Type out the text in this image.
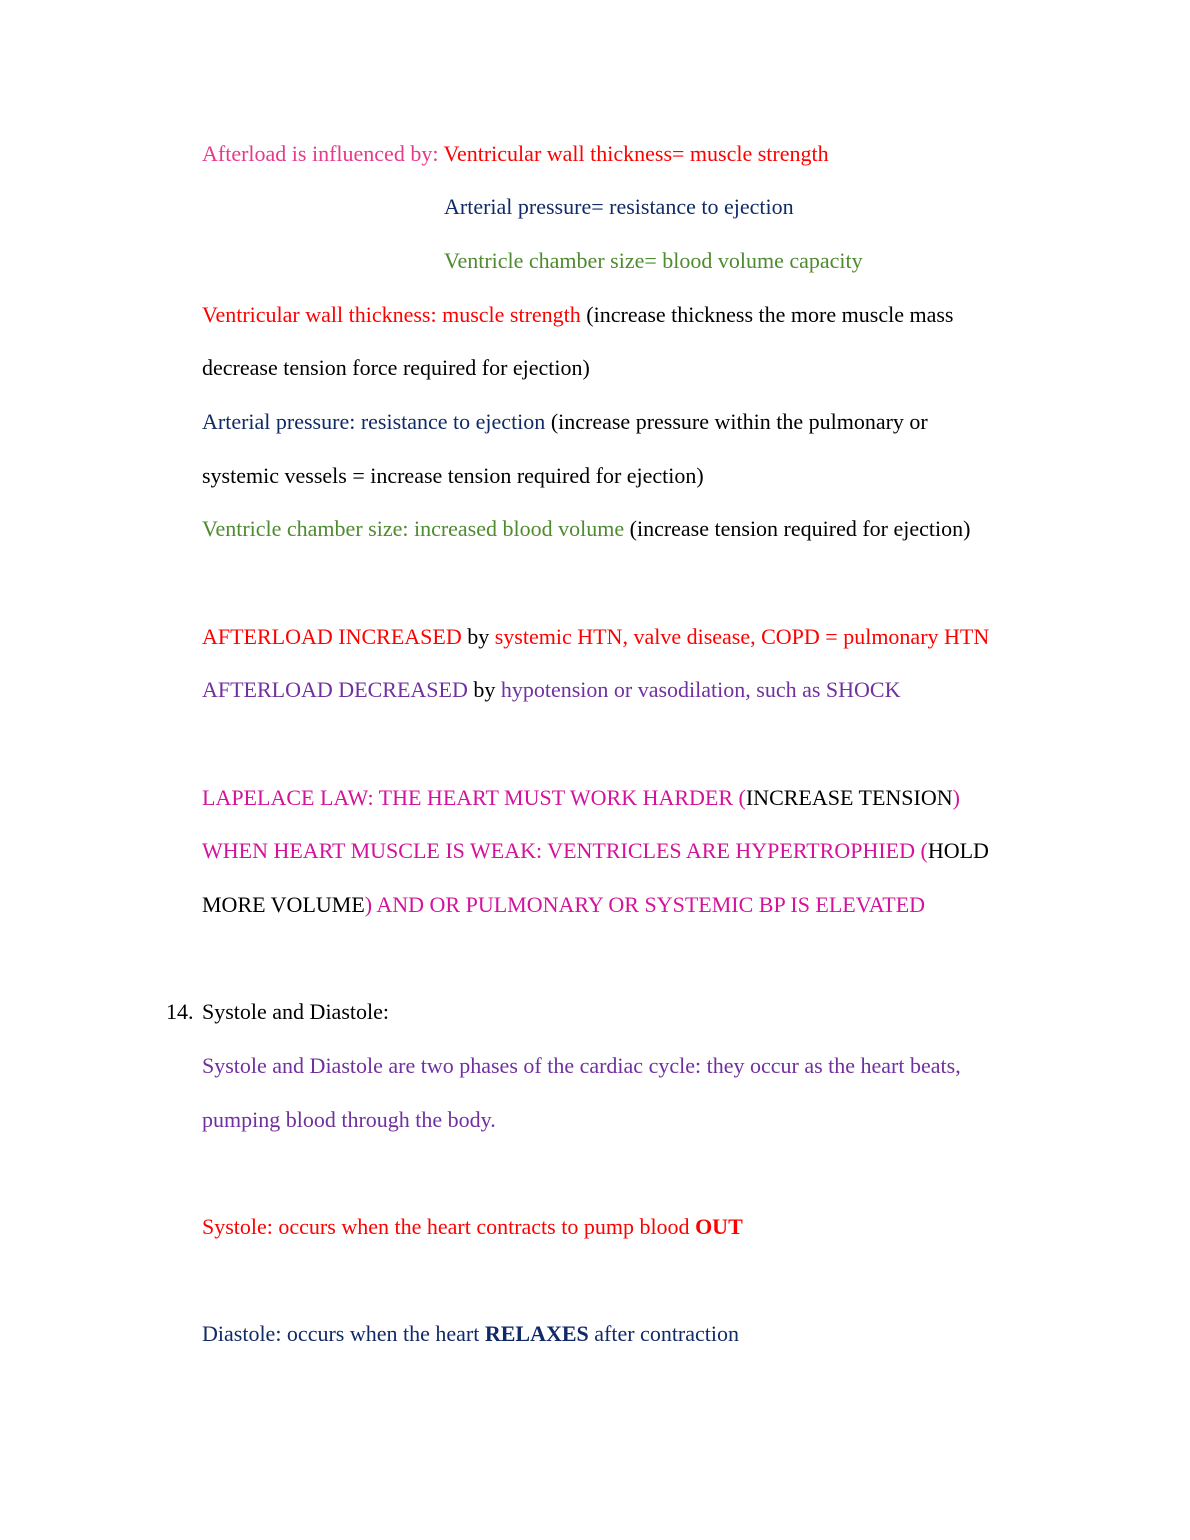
Afterload is influenced by: Ventricular wall thickness= muscle strength
Arterial pressure= resistance to ejection
Ventricle chamber size= blood volume capacity
Ventricular wall thickness: muscle strength (increase thickness the more muscle mass
decrease tension force required for ejection)
Arterial pressure: resistance to ejection (increase pressure within the pulmonary or
systemic vessels = increase tension required for ejection)
Ventricle chamber size: increased blood volume (increase tension required for ejection)
AFTERLOAD INCREASED by systemic HTN, valve disease, COPD = pulmonary HTN
AFTERLOAD DECREASED by hypotension or vasodilation, such as SHOCK
LAPELACE LAW: THE HEART MUST WORK HARDER (INCREASE TENSION)
WHEN HEART MUSCLE IS WEAK: VENTRICLES ARE HYPERTROPHIED (HOLD
MORE VOLUME) AND OR PULMONARY OR SYSTEMIC BP IS ELEVATED
14. Systole and Diastole:
Systole and Diastole are two phases of the cardiac cycle: they occur as the heart beats,
pumping blood through the body.
Systole: occurs when the heart contracts to pump blood OUT
Diastole: occurs when the heart RELAXES after contraction
